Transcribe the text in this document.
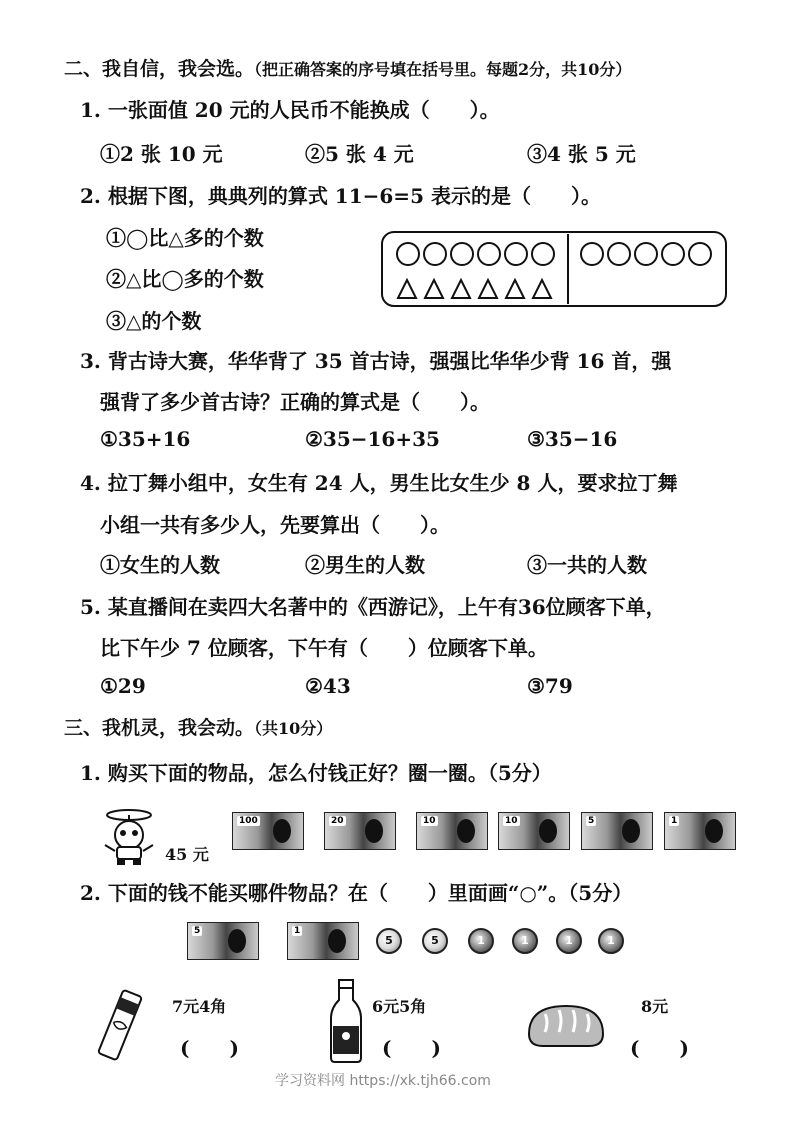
二、我自信，我会选。（把正确答案的序号填在括号里。每题2分，共10分）
1. 一张面值 20 元的人民币不能换成（　　）。
①2 张 10 元	②5 张 4 元	③4 张 5 元
2. 根据下图，典典列的算式 11−6=5 表示的是（　　）。
①◯比△多的个数
②△比◯多的个数
③△的个数
3. 背古诗大赛，华华背了 35 首古诗，强强比华华少背 16 首，强
强背了多少首古诗？正确的算式是（　　）。
①35+16	②35−16+35	③35−16
4. 拉丁舞小组中，女生有 24 人，男生比女生少 8 人，要求拉丁舞
小组一共有多少人，先要算出（　　）。
①女生的人数	②男生的人数	③一共的人数
5. 某直播间在卖四大名著中的《西游记》，上午有36位顾客下单，
比下午少 7 位顾客，下午有（　　）位顾客下单。
①29	②43	③79
三、我机灵，我会动。（共10分）
1. 购买下面的物品，怎么付钱正好？圈一圈。（5分）
45 元
100	20	10	10	5	1
2. 下面的钱不能买哪件物品？在（　　）里面画“○”。（5分）
5	1
5	5	1	1	1	1
7元4角
(　　)
6元5角
(　　)
8元
(　　)
学习资料网 https://xk.tjh66.com
